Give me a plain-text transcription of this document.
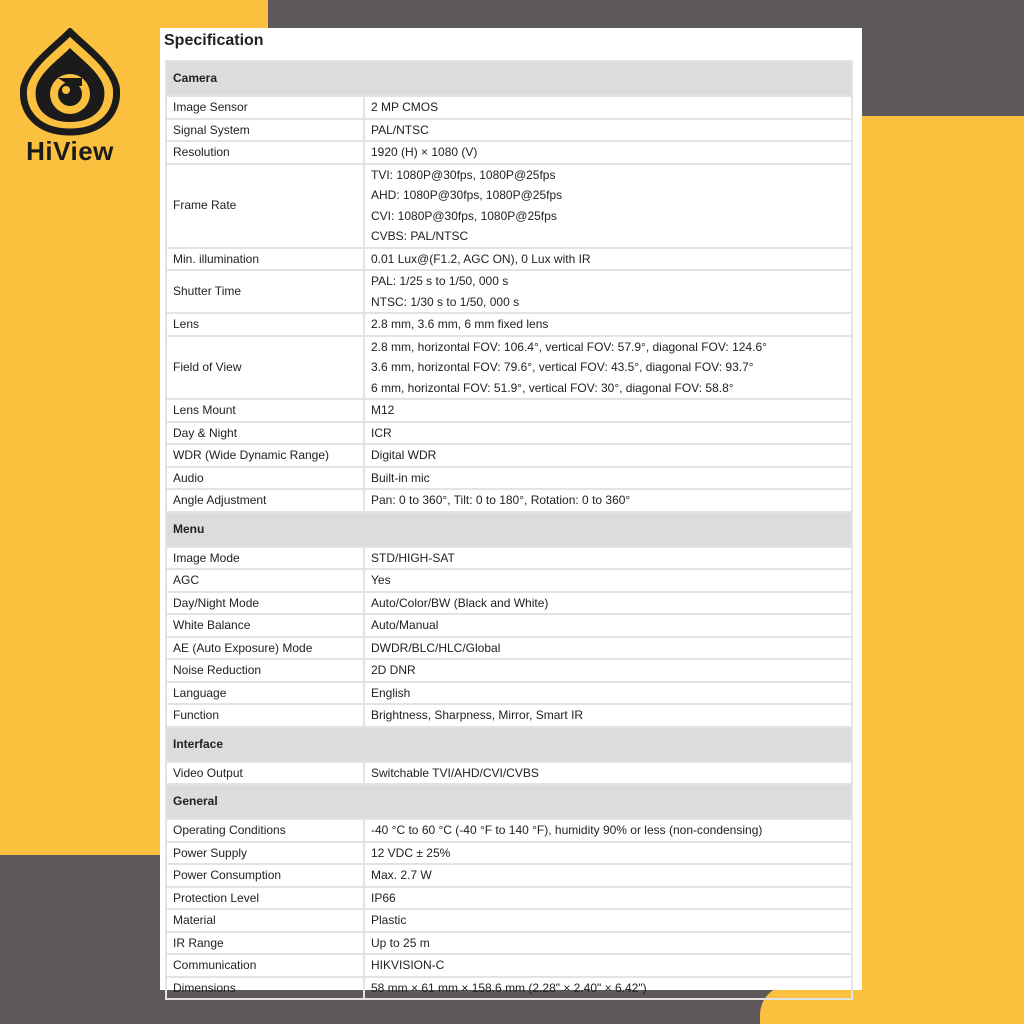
HiView
Specification
Camera	
Image Sensor	2 MP CMOS

Signal System	PAL/NTSC

Resolution	1920 (H) × 1080 (V)

Frame Rate	TVI: 1080P@30fps, 1080P@25fps
AHD: 1080P@30fps, 1080P@25fps
CVI: 1080P@30fps, 1080P@25fps
CVBS: PAL/NTSC

Min. illumination	0.01 Lux@(F1.2, AGC ON), 0 Lux with IR

Shutter Time	PAL: 1/25 s to 1/50, 000 s
NTSC: 1/30 s to 1/50, 000 s

Lens	2.8 mm, 3.6 mm, 6 mm fixed lens

Field of View	2.8 mm, horizontal FOV: 106.4°, vertical FOV: 57.9°, diagonal FOV: 124.6°
3.6 mm, horizontal FOV: 79.6°, vertical FOV: 43.5°, diagonal FOV: 93.7°
6 mm, horizontal FOV: 51.9°, vertical FOV: 30°, diagonal FOV: 58.8°

Lens Mount	M12

Day & Night	ICR

WDR (Wide Dynamic Range)	Digital WDR

Audio	Built-in mic

Angle Adjustment	Pan: 0 to 360°, Tilt: 0 to 180°, Rotation: 0 to 360°

Menu	
Image Mode	STD/HIGH-SAT

AGC	Yes

Day/Night Mode	Auto/Color/BW (Black and White)

White Balance	Auto/Manual

AE (Auto Exposure) Mode	DWDR/BLC/HLC/Global

Noise Reduction	2D DNR

Language	English

Function	Brightness, Sharpness, Mirror, Smart IR

Interface	
Video Output	Switchable TVI/AHD/CVI/CVBS

General	
Operating Conditions	-40 °C to 60 °C (-40 °F to 140 °F), humidity 90% or less (non-condensing)

Power Supply	12 VDC ± 25%

Power Consumption	Max. 2.7 W

Protection Level	IP66

Material	Plastic

IR Range	Up to 25 m

Communication	HIKVISION-C

Dimensions	58 mm × 61 mm × 158.6 mm (2.28" × 2.40" × 6.42")
